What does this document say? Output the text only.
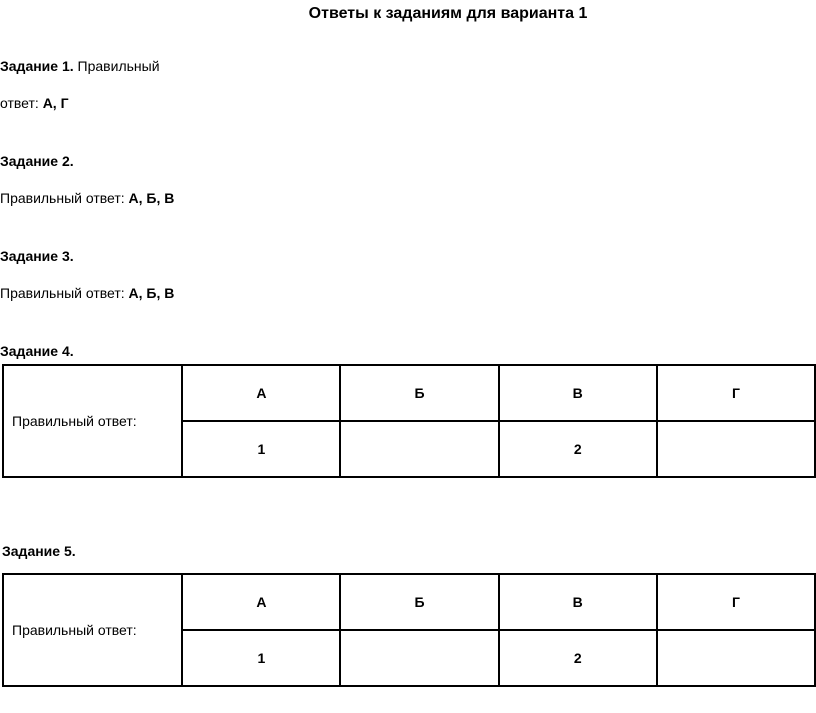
Ответы к заданиям для варианта 1
Задание 1. Правильный
ответ: А, Г
Задание 2.
Правильный ответ: А, Б, В
Задание 3.
Правильный ответ: А, Б, В
Задание 4.
Правильный ответ:	А	Б	В	Г
	1		2	
Задание 5.
Правильный ответ:	А	Б	В	Г
	1		2	
